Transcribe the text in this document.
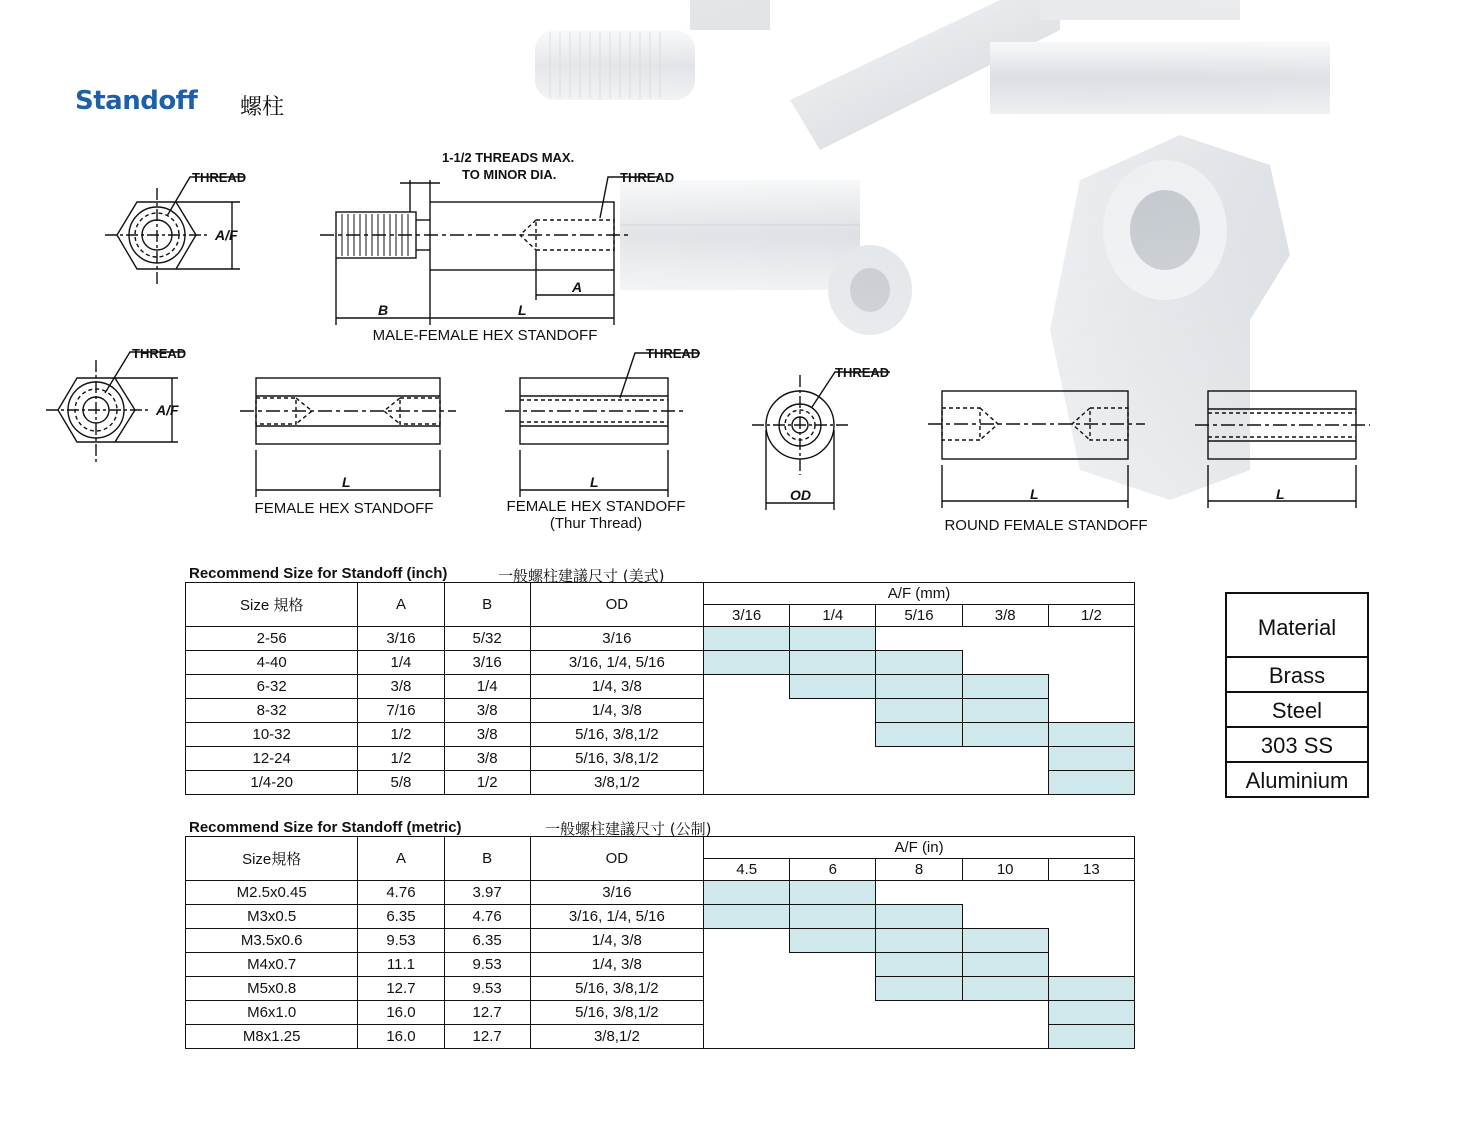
Standoff 螺柱
THREAD	THREAD
THREAD	THREAD
THREAD
1-1/2 THREADS MAX.
TO MINOR DIA.
A/F
A/F
B	L
A
L	L
OD	L	L
MALE-FEMALE HEX STANDOFF
FEMALE HEX STANDOFF	FEMALE HEX STANDOFF
(Thur Thread)	ROUND FEMALE STANDOFF
Recommend Size for Standoff (inch)	一般螺柱建議尺寸 (美式)
Size 規格	A	B	OD	A/F (mm)				
				3/16	1/4	5/16	3/8	1/2
2-56	3/16	5/32	3/16					
4-40	1/4	3/16	3/16, 1/4, 5/16					
6-32	3/8	1/4	1/4, 3/8					
8-32	7/16	3/8	1/4, 3/8					
10-32	1/2	3/8	5/16, 3/8,1/2					
12-24	1/2	3/8	5/16, 3/8,1/2					
1/4-20	5/8	1/2	3/8,1/2					
Recommend Size for Standoff (metric)	一般螺柱建議尺寸 (公制)
Size規格	A	B	OD	A/F (in)				
				4.5	6	8	10	13
M2.5x0.45	4.76	3.97	3/16					
M3x0.5	6.35	4.76	3/16, 1/4, 5/16					
M3.5x0.6	9.53	6.35	1/4, 3/8					
M4x0.7	11.1	9.53	1/4, 3/8					
M5x0.8	12.7	9.53	5/16, 3/8,1/2					
M6x1.0	16.0	12.7	5/16, 3/8,1/2					
M8x1.25	16.0	12.7	3/8,1/2					
Material
Brass
Steel
303 SS
Aluminium
